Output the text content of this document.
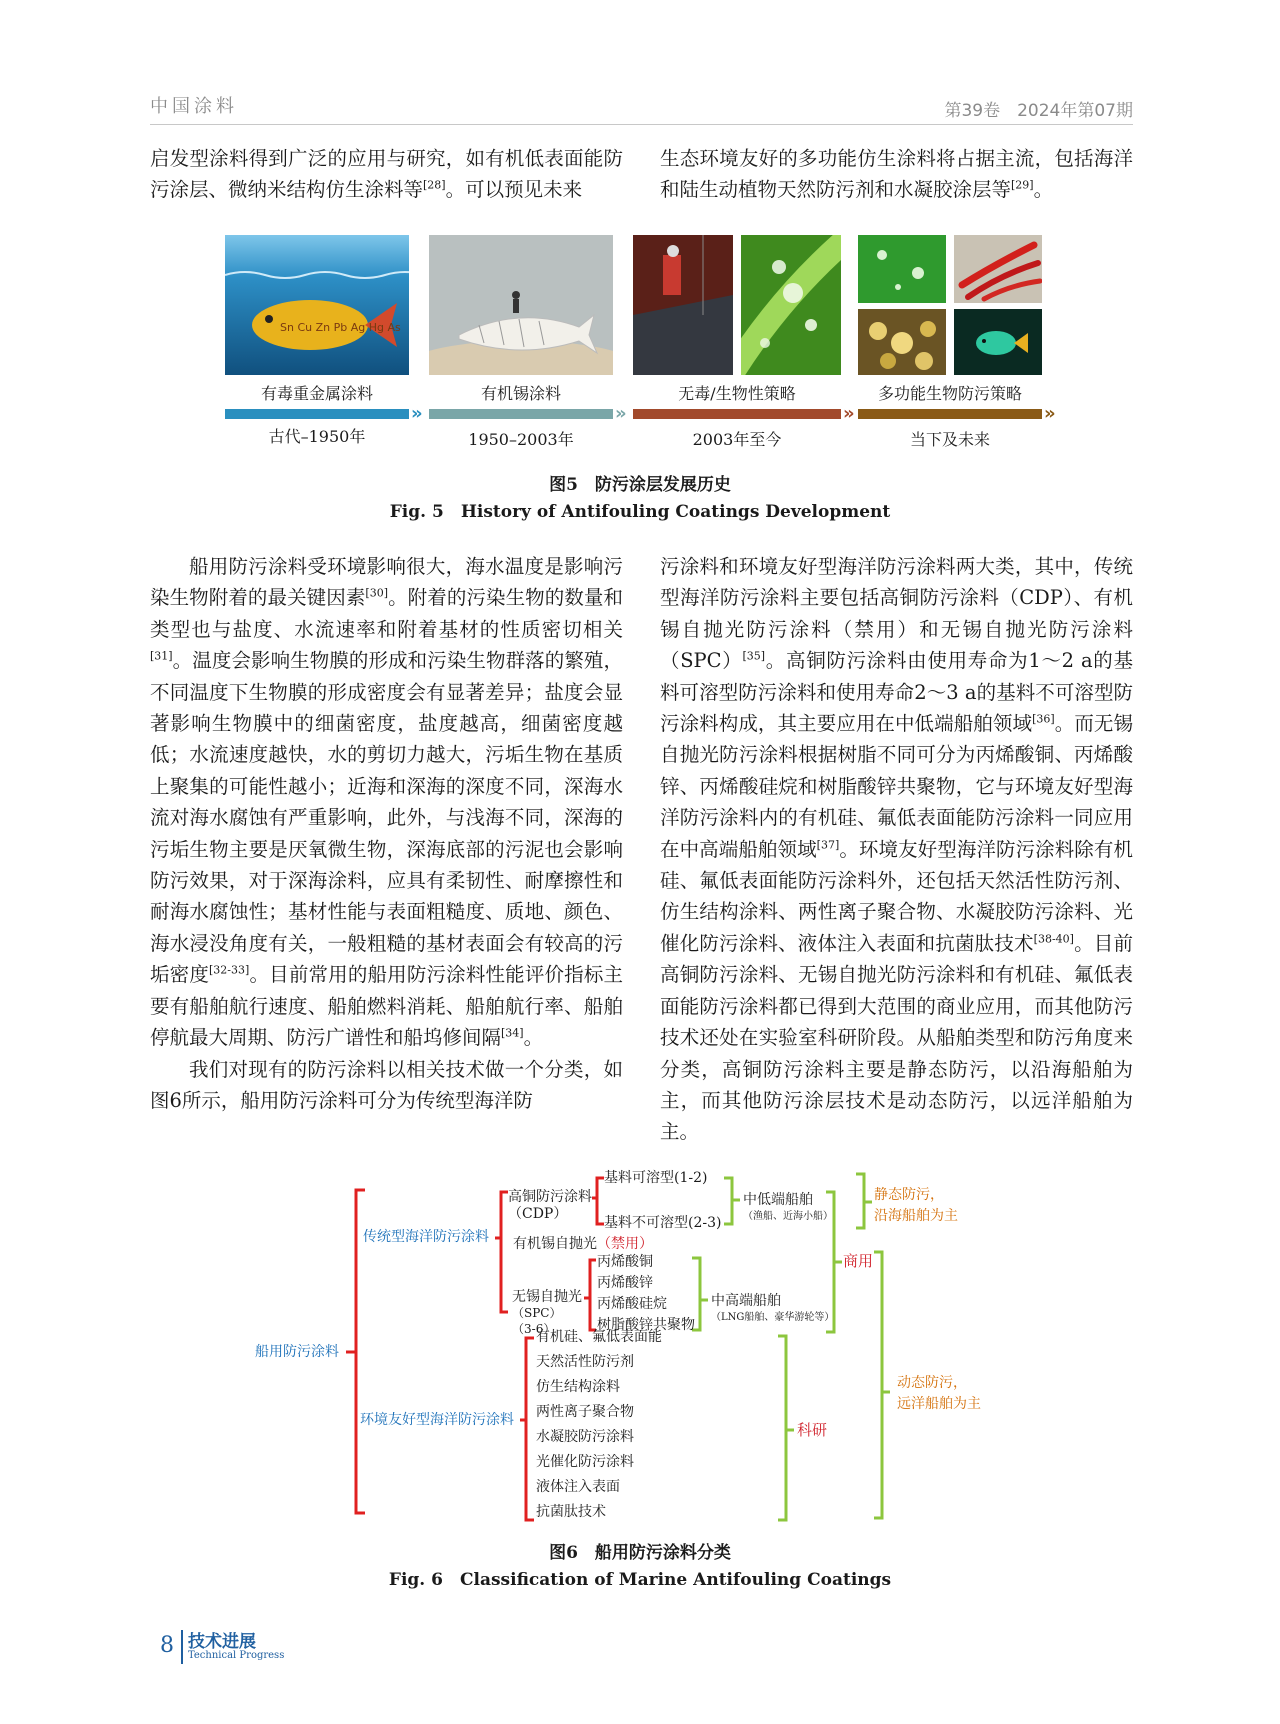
中国涂料	第39卷　2024年第07期

启发型涂料得到广泛的应用与研究，如有机低表面能防污涂层、微纳米结构仿生涂料等[28]。可以预见未来

生态环境友好的多功能仿生涂料将占据主流，包括海洋和陆生动植物天然防污剂和水凝胶涂层等[29]。

Sn Cu Zn Pb Ag Hg As
有毒重金属涂料	有机锡涂料	无毒/生物性策略	多功能生物防污策略
»	»	»	»
古代–1950年	1950–2003年	2003年至今	当下及未来
图5　防污涂层发展历史
Fig. 5　History of Antifouling Coatings Development

船用防污涂料受环境影响很大，海水温度是影响污染生物附着的最关键因素[30]。附着的污染生物的数量和类型也与盐度、水流速率和附着基材的性质密切相关[31]。温度会影响生物膜的形成和污染生物群落的繁殖，不同温度下生物膜的形成密度会有显著差异；盐度会显著影响生物膜中的细菌密度，盐度越高，细菌密度越低；水流速度越快，水的剪切力越大，污垢生物在基质上聚集的可能性越小；近海和深海的深度不同，深海水流对海水腐蚀有严重影响，此外，与浅海不同，深海的污垢生物主要是厌氧微生物，深海底部的污泥也会影响防污效果，对于深海涂料，应具有柔韧性、耐摩擦性和耐海水腐蚀性；基材性能与表面粗糙度、质地、颜色、海水浸没角度有关，一般粗糙的基材表面会有较高的污垢密度[32-33]。目前常用的船用防污涂料性能评价指标主要有船舶航行速度、船舶燃料消耗、船舶航行率、船舶停航最大周期、防污广谱性和船坞修间隔[34]。

我们对现有的防污涂料以相关技术做一个分类，如图6所示，船用防污涂料可分为传统型海洋防

污涂料和环境友好型海洋防污涂料两大类，其中，传统型海洋防污涂料主要包括高铜防污涂料（CDP）、有机锡自抛光防污涂料（禁用）和无锡自抛光防污涂料（SPC）[35]。高铜防污涂料由使用寿命为1～2 a的基料可溶型防污涂料和使用寿命2～3 a的基料不可溶型防污涂料构成，其主要应用在中低端船舶领域[36]。而无锡自抛光防污涂料根据树脂不同可分为丙烯酸铜、丙烯酸锌、丙烯酸硅烷和树脂酸锌共聚物，它与环境友好型海洋防污涂料内的有机硅、氟低表面能防污涂料一同应用在中高端船舶领域[37]。环境友好型海洋防污涂料除有机硅、氟低表面能防污涂料外，还包括天然活性防污剂、仿生结构涂料、两性离子聚合物、水凝胶防污涂料、光催化防污涂料、液体注入表面和抗菌肽技术[38-40]。目前高铜防污涂料、无锡自抛光防污涂料和有机硅、氟低表面能防污涂料都已得到大范围的商业应用，而其他防污技术还处在实验室科研阶段。从船舶类型和防污角度来分类，高铜防污涂料主要是静态防污，以沿海船舶为主，而其他防污涂层技术是动态防污，以远洋船舶为主。

船用防污涂料
传统型海洋防污涂料
环境友好型海洋防污涂料
高铜防污涂料
（CDP）
基料可溶型(1-2)
基料不可溶型(2-3)
有机锡自抛光（禁用）
无锡自抛光
（SPC）
（3-6）
丙烯酸铜
丙烯酸锌
丙烯酸硅烷
树脂酸锌共聚物
有机硅、氟低表面能
天然活性防污剂
仿生结构涂料
两性离子聚合物
水凝胶防污涂料
光催化防污涂料
液体注入表面
抗菌肽技术
中低端船舶
（渔船、近海小船）
中高端船舶
（LNG船舶、豪华游轮等）
商用
科研
静态防污，
沿海船舶为主
动态防污，
远洋船舶为主
图6　船用防污涂料分类
Fig. 6　Classification of Marine Antifouling Coatings
8 技术进展
Technical Progress
